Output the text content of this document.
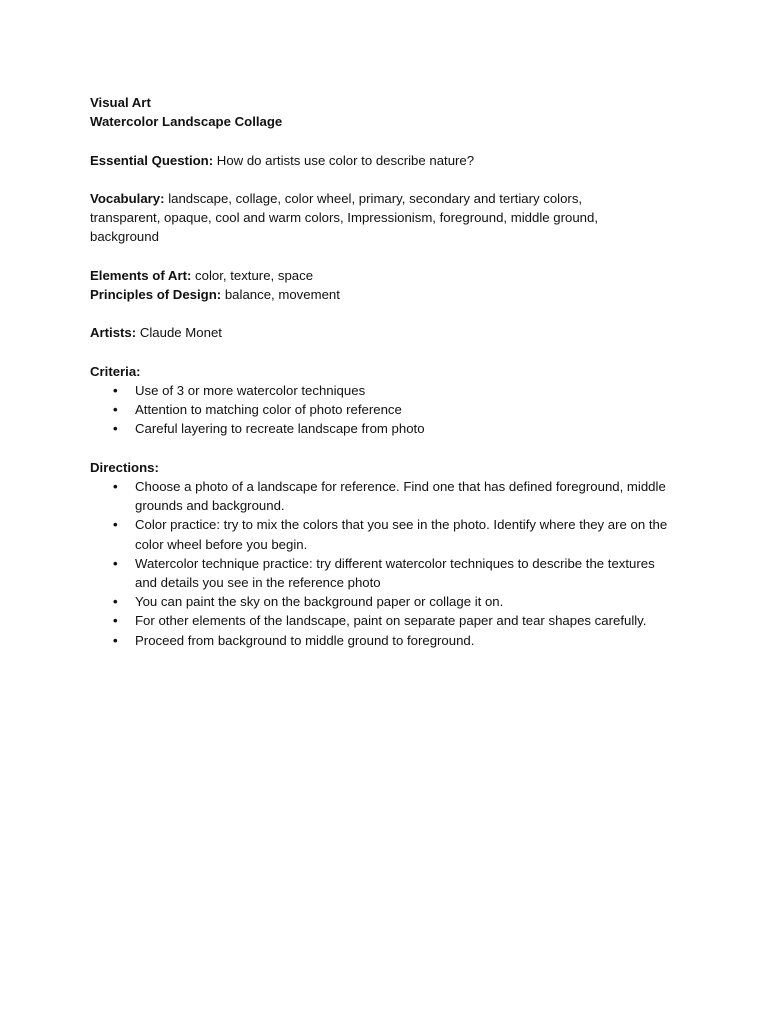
Visual Art

Watercolor Landscape Collage

Essential Question: How do artists use color to describe nature?

Vocabulary: landscape, collage, color wheel, primary, secondary and tertiary colors, transparent, opaque, cool and warm colors, Impressionism, foreground, middle ground, background

Elements of Art: color, texture, space

Principles of Design: balance, movement

Artists: Claude Monet

Criteria:

• Use of 3 or more watercolor techniques
• Attention to matching color of photo reference
• Careful layering to recreate landscape from photo

Directions:

• Choose a photo of a landscape for reference. Find one that has defined foreground, middle grounds and background.
• Color practice: try to mix the colors that you see in the photo. Identify where they are on the color wheel before you begin.
• Watercolor technique practice: try different watercolor techniques to describe the textures and details you see in the reference photo
• You can paint the sky on the background paper or collage it on.
• For other elements of the landscape, paint on separate paper and tear shapes carefully.
• Proceed from background to middle ground to foreground.
